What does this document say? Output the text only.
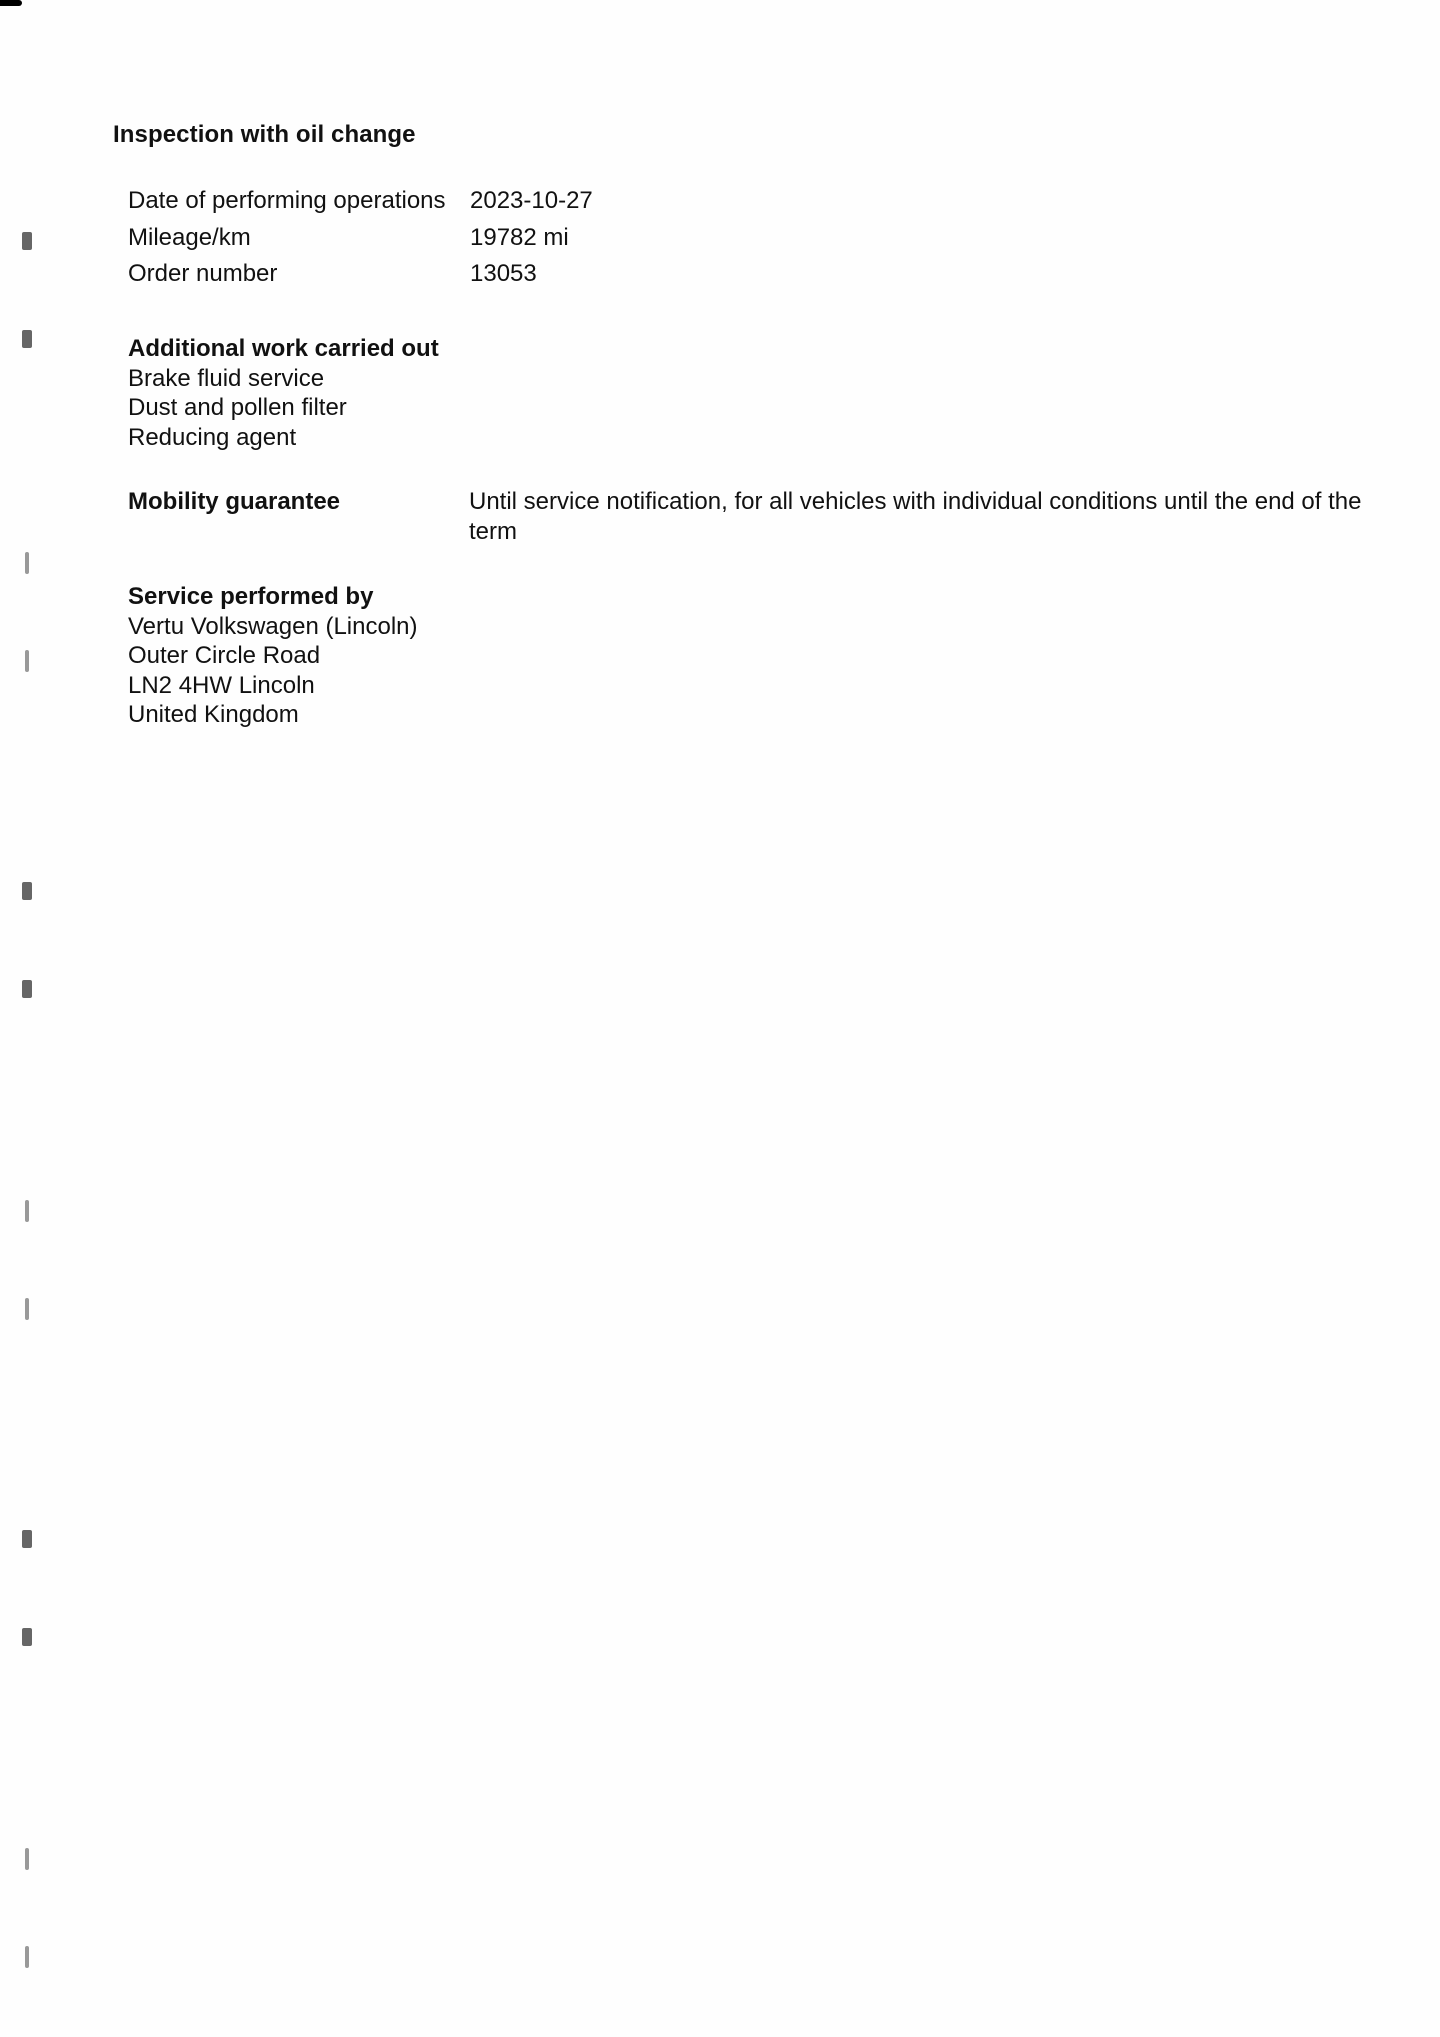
Inspection with oil change
Date of performing operations 2023-10-27
Mileage/km	19782 mi
Order number	13053
Additional work carried out
Brake fluid service
Dust and pollen filter
Reducing agent
Mobility guarantee	Until service notification, for all vehicles with individual conditions until the end of the term
Service performed by
Vertu Volkswagen (Lincoln)
Outer Circle Road
LN2 4HW Lincoln
United Kingdom
